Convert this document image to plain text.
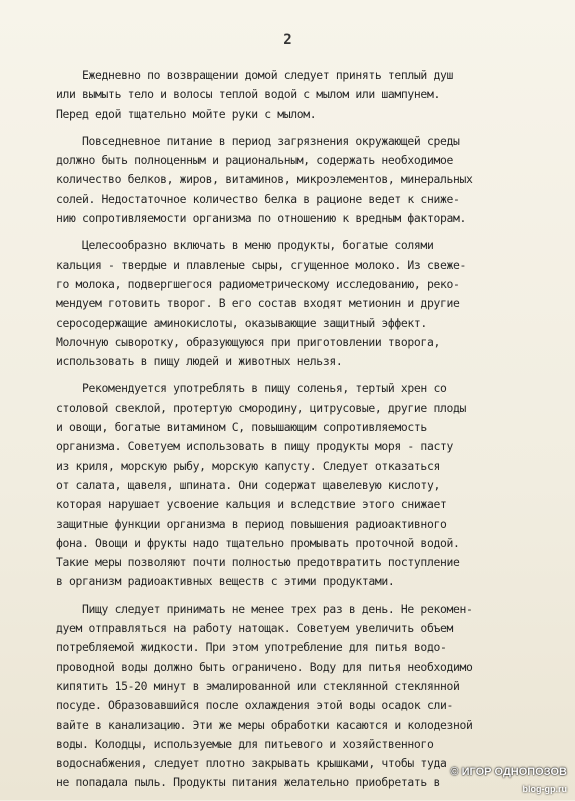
2
Ежедневно по возвращении домой следует принять теплый душ
или вымыть тело и волосы теплой водой с мылом или шампунем.
Перед едой тщательно мойте руки с мылом.
Повседневное питание в период загрязнения окружающей среды
должно быть полноценным и рациональным, содержать необходимое
количество белков, жиров, витаминов, микроэлементов, минеральных
солей. Недостаточное количество белка в рационе ведет к сниже-
нию сопротивляемости организма по отношению к вредным факторам.
Целесообразно включать в меню продукты, богатые солями
кальция - твердые и плавленые сыры, сгущенное молоко. Из свеже-
го молока, подвергшегося радиометрическому исследованию, реко-
мендуем готовить творог. В его состав входят метионин и другие
серосодержащие аминокислоты, оказывающие защитный эффект.
Молочную сыворотку, образующуюся при приготовлении творога,
использовать в пищу людей и животных нельзя.
Рекомендуется употреблять в пищу соленья, тертый хрен со
столовой свеклой, протертую смородину, цитрусовые, другие плоды
и овощи, богатые витамином С, повышающим сопротивляемость
организма. Советуем использовать в пищу продукты моря - пасту
из криля, морскую рыбу, морскую капусту. Следует отказаться
от салата, щавеля, шпината. Они содержат щавелевую кислоту,
которая нарушает усвоение кальция и вследствие этого снижает
защитные функции организма в период повышения радиоактивного
фона. Овощи и фрукты надо тщательно промывать проточной водой.
Такие меры позволяют почти полностью предотвратить поступление
в организм радиоактивных веществ с этими продуктами.
Пищу следует принимать не менее трех раз в день. Не рекомен-
дуем отправляться на работу натощак. Советуем увеличить объем
потребляемой жидкости. При этом употребление для питья водо-
проводной воды должно быть ограничено. Воду для питья необходимо
кипятить 15-20 минут в эмалированной или стеклянной стеклянной
посуде. Образовавшийся после охлаждения этой воды осадок сли-
вайте в канализацию. Эти же меры обработки касаются и колодезной
воды. Колодцы, используемые для питьевого и хозяйственного
водоснабжения, следует плотно закрывать крышками, чтобы туда
не попадала пыль. Продукты питания желательно приобретать в
© ИГОР ОДНОПОЗОВ
blog-gp.ru
